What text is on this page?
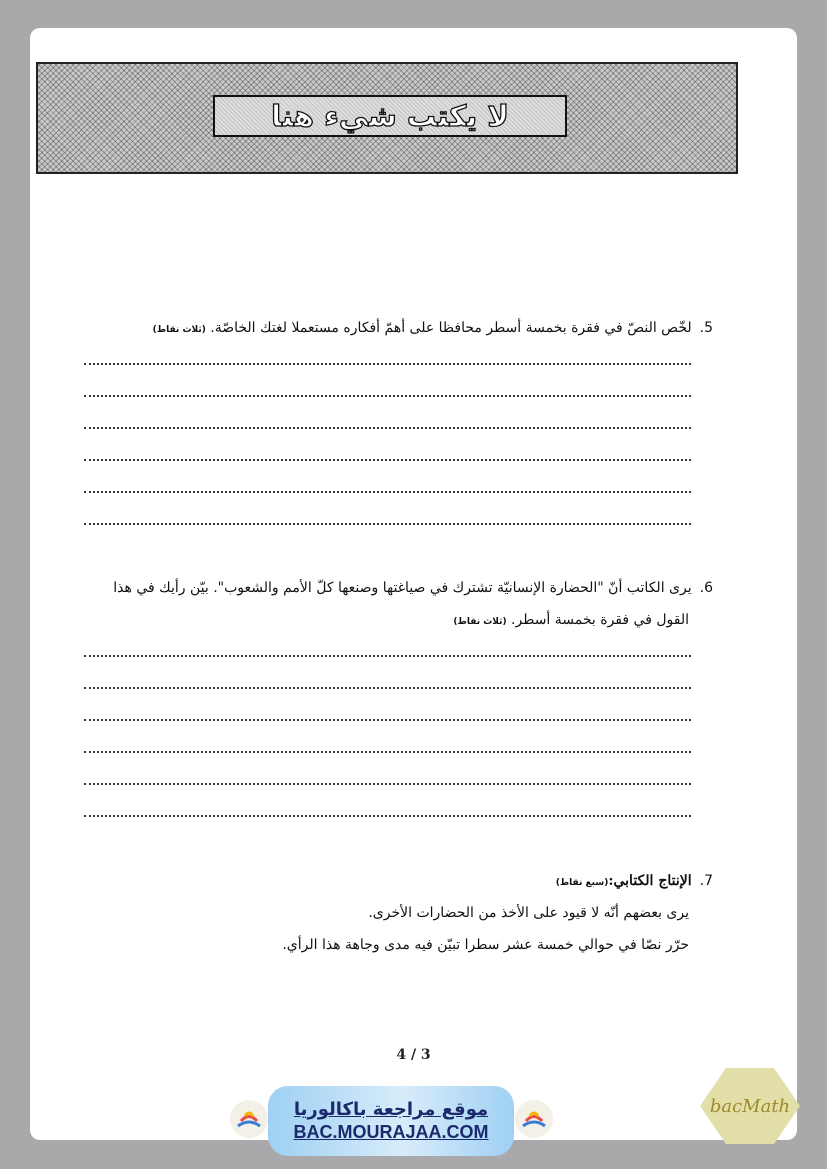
لا يكتب شيء هنا
5.لخّص النصّ في فقرة بخمسة أسطر محافظا على أهمّ أفكاره مستعملا لغتك الخاصّة. (ثلاث نقاط)
6.يرى الكاتب أنّ "الحضارة الإنسانيّة تشترك في صياغتها وصنعها كلّ الأمم والشعوب". بيّن رأيك في هذا
القول في فقرة بخمسة أسطر. (ثلاث نقاط)
7.الإنتاج الكتابي:(سبع نقاط)
يرى بعضهم أنّه لا قيود على الأخذ من الحضارات الأخرى.
حرّر نصّا في حوالي خمسة عشر سطرا تبيّن فيه مدى وجاهة هذا الرأي.
4 / 3
موقع مراجعة باكالوريا
BAC.MOURAJAA.COM
bacMath
